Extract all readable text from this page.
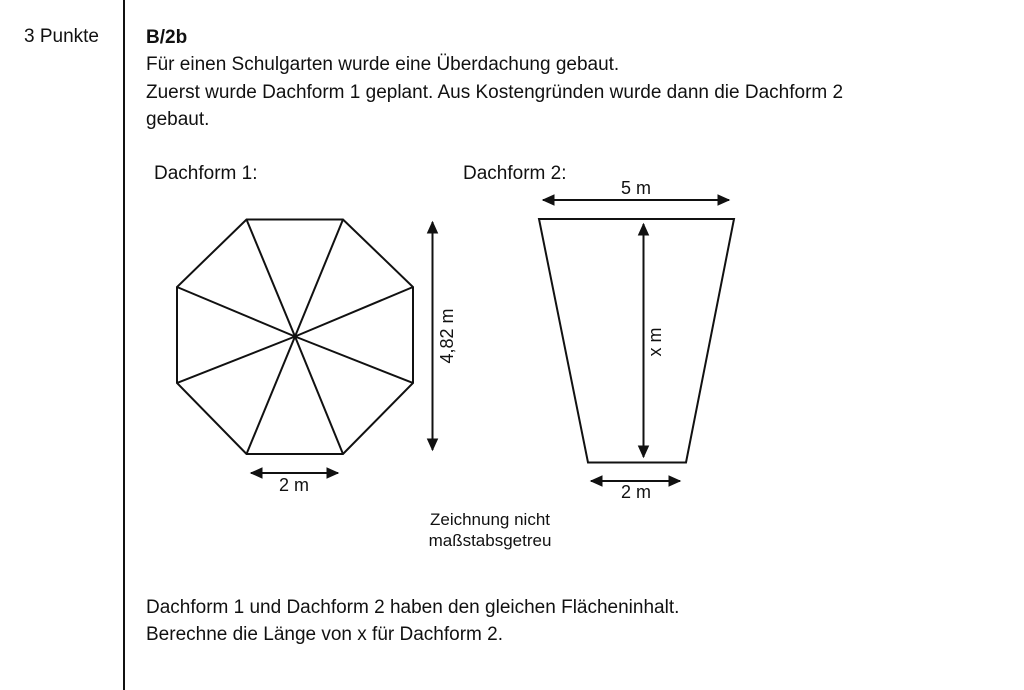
3 Punkte B/2b
Für einen Schulgarten wurde eine Überdachung gebaut.
Zuerst wurde Dachform 1 geplant. Aus Kostengründen wurde dann die Dachform 2
gebaut.
Dachform 1:	Dachform 2:
4,82 m
2 m
5 m
x m
2 m
Zeichnung nicht
maßstabsgetreu
Dachform 1 und Dachform 2 haben den gleichen Flächeninhalt.
Berechne die Länge von x für Dachform 2.
